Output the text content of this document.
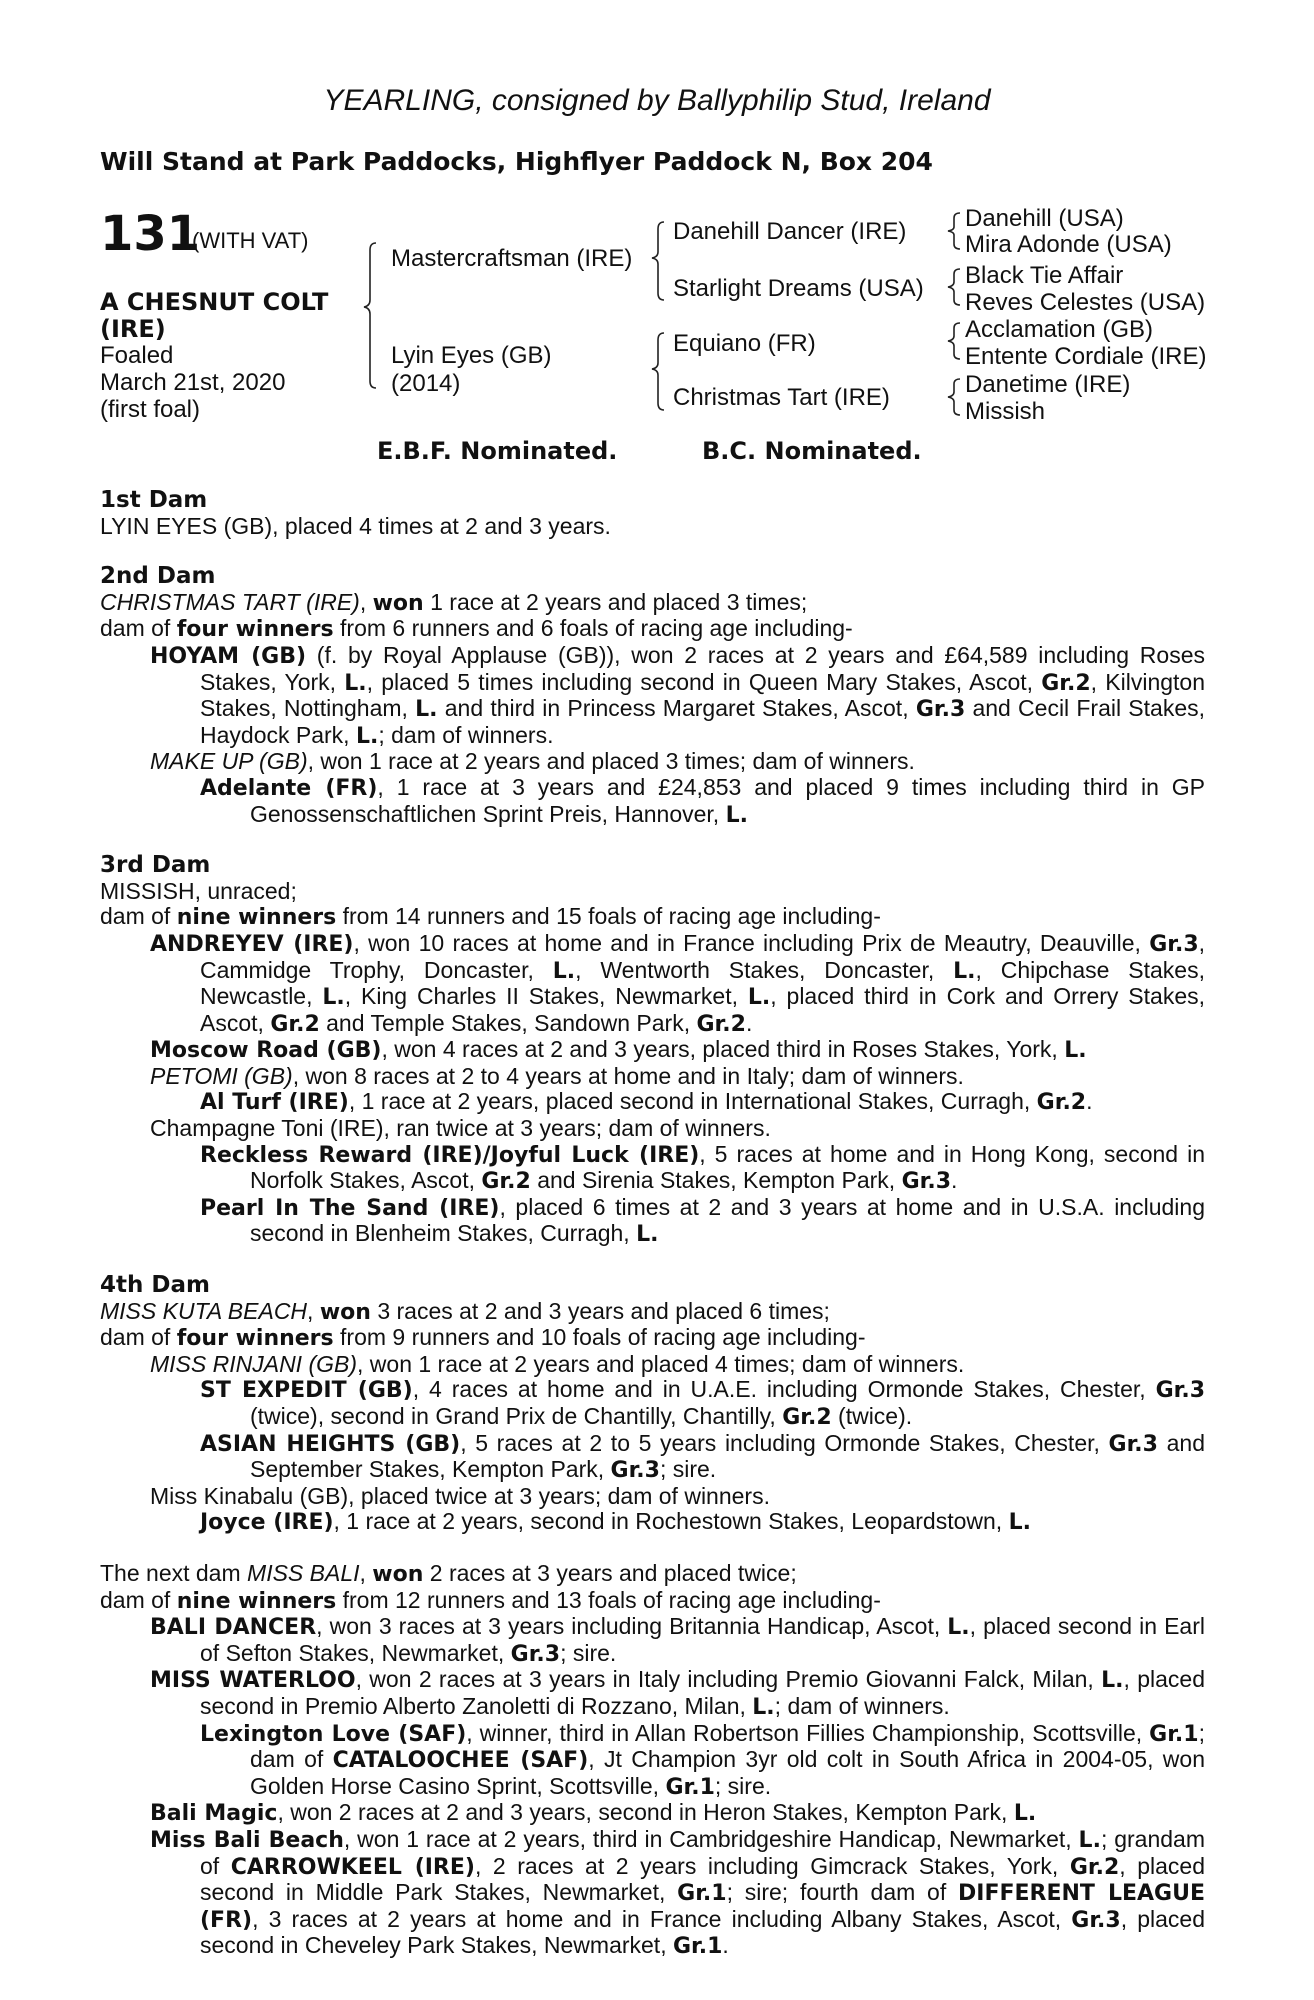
YEARLING, consigned by Ballyphilip Stud, Ireland
Will Stand at Park Paddocks, Highflyer Paddock N, Box 204
131
(WITH VAT)
A CHESNUT COLT
(IRE)
Foaled
March 21st, 2020
(first foal)
Mastercraftsman (IRE)
Lyin Eyes (GB)
(2014)
Danehill Dancer (IRE)
Starlight Dreams (USA)
Equiano (FR)
Christmas Tart (IRE)
Danehill (USA)
Mira Adonde (USA)
Black Tie Affair
Reves Celestes (USA)
Acclamation (GB)
Entente Cordiale (IRE)
Danetime (IRE)
Missish
E.B.F. Nominated.	B.C. Nominated.

1st Dam

LYIN EYES (GB), placed 4 times at 2 and 3 years.

2nd Dam

CHRISTMAS TART (IRE), won 1 race at 2 years and placed 3 times;

dam of four winners from 6 runners and 6 foals of racing age including-

HOYAM (GB) (f. by Royal Applause (GB)), won 2 races at 2 years and £64,589 including Roses Stakes, York, L., placed 5 times including second in Queen Mary Stakes, Ascot, Gr.2, Kilvington Stakes, Nottingham, L. and third in Princess Margaret Stakes, Ascot, Gr.3 and Cecil Frail Stakes, Haydock Park, L.; dam of winners.

MAKE UP (GB), won 1 race at 2 years and placed 3 times; dam of winners.

Adelante (FR), 1 race at 3 years and £24,853 and placed 9 times including third in GP Genossenschaftlichen Sprint Preis, Hannover, L.

3rd Dam

MISSISH, unraced;

dam of nine winners from 14 runners and 15 foals of racing age including-

ANDREYEV (IRE), won 10 races at home and in France including Prix de Meautry, Deauville, Gr.3, Cammidge Trophy, Doncaster, L., Wentworth Stakes, Doncaster, L., Chipchase Stakes, Newcastle, L., King Charles II Stakes, Newmarket, L., placed third in Cork and Orrery Stakes, Ascot, Gr.2 and Temple Stakes, Sandown Park, Gr.2.

Moscow Road (GB), won 4 races at 2 and 3 years, placed third in Roses Stakes, York, L.

PETOMI (GB), won 8 races at 2 to 4 years at home and in Italy; dam of winners.

Al Turf (IRE), 1 race at 2 years, placed second in International Stakes, Curragh, Gr.2.

Champagne Toni (IRE), ran twice at 3 years; dam of winners.

Reckless Reward (IRE)/Joyful Luck (IRE), 5 races at home and in Hong Kong, second in Norfolk Stakes, Ascot, Gr.2 and Sirenia Stakes, Kempton Park, Gr.3.

Pearl In The Sand (IRE), placed 6 times at 2 and 3 years at home and in U.S.A. including second in Blenheim Stakes, Curragh, L.

4th Dam

MISS KUTA BEACH, won 3 races at 2 and 3 years and placed 6 times;

dam of four winners from 9 runners and 10 foals of racing age including-

MISS RINJANI (GB), won 1 race at 2 years and placed 4 times; dam of winners.

ST EXPEDIT (GB), 4 races at home and in U.A.E. including Ormonde Stakes, Chester, Gr.3 (twice), second in Grand Prix de Chantilly, Chantilly, Gr.2 (twice).

ASIAN HEIGHTS (GB), 5 races at 2 to 5 years including Ormonde Stakes, Chester, Gr.3 and September Stakes, Kempton Park, Gr.3; sire.

Miss Kinabalu (GB), placed twice at 3 years; dam of winners.

Joyce (IRE), 1 race at 2 years, second in Rochestown Stakes, Leopardstown, L.

The next dam MISS BALI, won 2 races at 3 years and placed twice;

dam of nine winners from 12 runners and 13 foals of racing age including-

BALI DANCER, won 3 races at 3 years including Britannia Handicap, Ascot, L., placed second in Earl of Sefton Stakes, Newmarket, Gr.3; sire.

MISS WATERLOO, won 2 races at 3 years in Italy including Premio Giovanni Falck, Milan, L., placed second in Premio Alberto Zanoletti di Rozzano, Milan, L.; dam of winners.

Lexington Love (SAF), winner, third in Allan Robertson Fillies Championship, Scottsville, Gr.1; dam of CATALOOCHEE (SAF), Jt Champion 3yr old colt in South Africa in 2004-05, won Golden Horse Casino Sprint, Scottsville, Gr.1; sire.

Bali Magic, won 2 races at 2 and 3 years, second in Heron Stakes, Kempton Park, L.

Miss Bali Beach, won 1 race at 2 years, third in Cambridgeshire Handicap, Newmarket, L.; grandam of CARROWKEEL (IRE), 2 races at 2 years including Gimcrack Stakes, York, Gr.2, placed second in Middle Park Stakes, Newmarket, Gr.1; sire; fourth dam of DIFFERENT LEAGUE (FR), 3 races at 2 years at home and in France including Albany Stakes, Ascot, Gr.3, placed second in Cheveley Park Stakes, Newmarket, Gr.1.
